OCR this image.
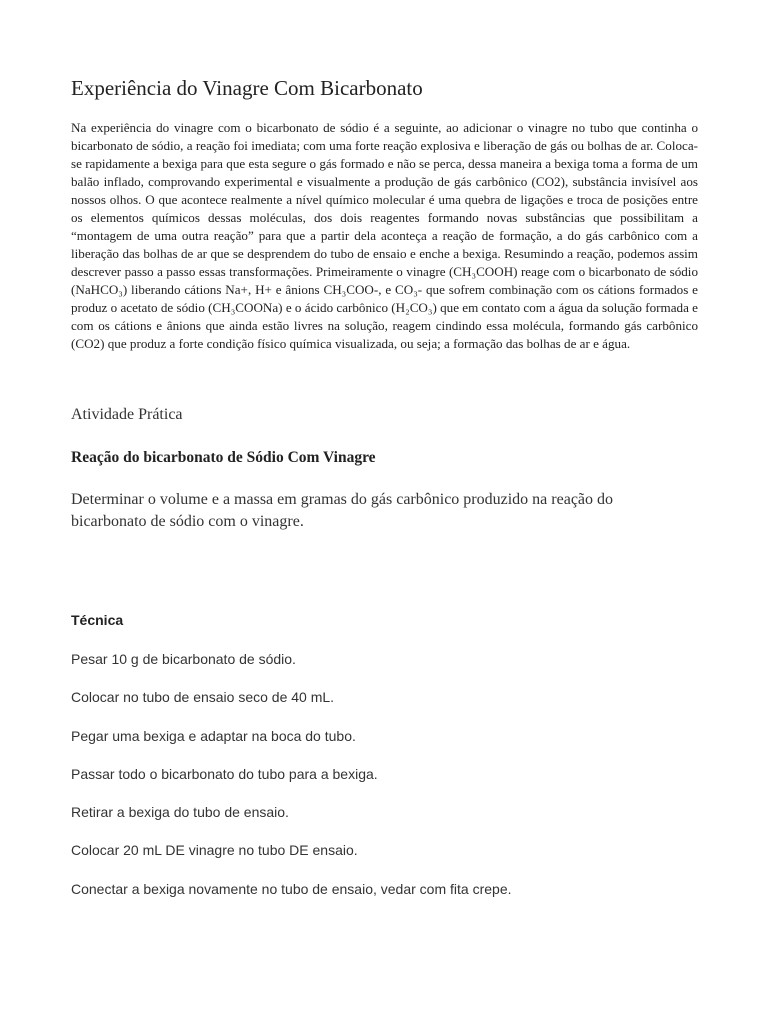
Experiência do Vinagre Com Bicarbonato

Na experiência do vinagre com o bicarbonato de sódio é a seguinte, ao adicionar o vinagre no tubo que continha o bicarbonato de sódio, a reação foi imediata; com uma forte reação explosiva e liberação de gás ou bolhas de ar. Coloca-se rapidamente a bexiga para que esta segure o gás formado e não se perca, dessa maneira a bexiga toma a forma de um balão inflado, comprovando experimental e visualmente a produção de gás carbônico (CO2), substância invisível aos nossos olhos. O que acontece realmente a nível químico molecular é uma quebra de ligações e troca de posições entre os elementos químicos dessas moléculas, dos dois reagentes formando novas substâncias que possibilitam a “montagem de uma outra reação” para que a partir dela aconteça a reação de formação, a do gás carbônico com a liberação das bolhas de ar que se desprendem do tubo de ensaio e enche a bexiga. Resumindo a reação, podemos assim descrever passo a passo essas transformações. Primeiramente o vinagre (CH₃COOH) reage com o bicarbonato de sódio (NaHCO₃) liberando cátions Na+, H+ e ânions CH₃COO-, e CO₃- que sofrem combinação com os cátions formados e produz o acetato de sódio (CH₃COONa) e o ácido carbônico (H₂CO₃) que em contato com a água da solução formada e com os cátions e ânions que ainda estão livres na solução, reagem cindindo essa molécula, formando gás carbônico (CO2) que produz a forte condição físico química visualizada, ou seja; a formação das bolhas de ar e água.

Atividade Prática
Reação do bicarbonato de Sódio Com Vinagre

Determinar o volume e a massa em gramas do gás carbônico produzido na reação do bicarbonato de sódio com o vinagre.

Técnica
Pesar 10 g de bicarbonato de sódio.
Colocar no tubo de ensaio seco de 40 mL.
Pegar uma bexiga e adaptar na boca do tubo.
Passar todo o bicarbonato do tubo para a bexiga.
Retirar a bexiga do tubo de ensaio.
Colocar 20 mL DE vinagre no tubo DE ensaio.
Conectar a bexiga novamente no tubo de ensaio, vedar com fita crepe.
